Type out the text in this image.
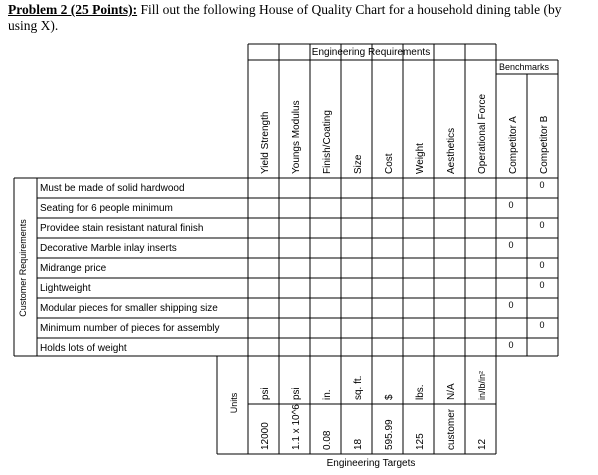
Problem 2 (25 Points): Fill out the following House of Quality Chart for a household dining table (by using X).
Engineering Requirements
Benchmarks
Customer Requirements
Units
Engineering Targets
Yield Strength Youngs Modulus Finish/Coating Size Cost Weight Aesthetics Operational Force Competitor A Competitor B
Must be made of solid hardwood
Seating for 6 people minimum
Providee stain resistant natural finish
Decorative Marble inlay inserts
Midrange price
Lightweight
Modular pieces for smaller shipping size
Minimum number of pieces for assembly
Holds lots of weight
0
0
0
0
0
0
0
0
0
psi psi in. sq. ft. $ lbs. N/A in/lb/in²
12000 1.1 x 10^6 0.08 18 595.99 125 customer 12
